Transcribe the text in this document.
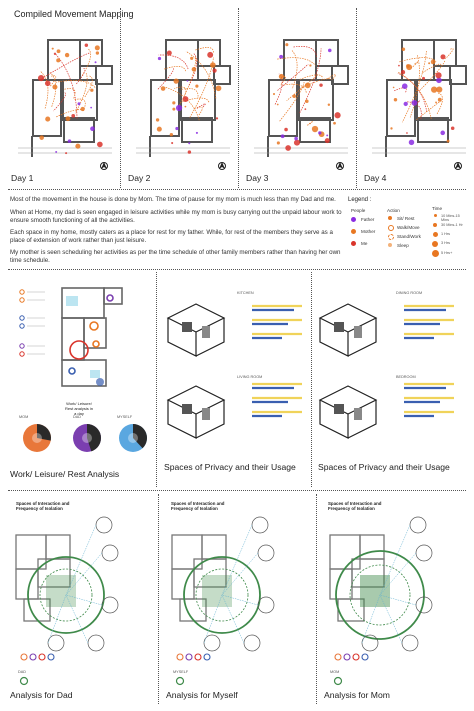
Compiled Movement Mapping
Day 1	Day 2	Day 3	Day 4
Most of the movement in the house is done by Mom. The time of pause for my mom is much less than my Dad and me.
When at Home, my dad is seen engaged in leisure activities while my mom is busy carrying out the unpaid labour work to ensure smooth functioning of all the activities.
Each space in my home, mostly caters as a place for rest for my father. While, for rest of the members they serve as a place of extension of work rather than just leisure.
My mother is seen scheduling her activities as per the time schedule of other family members rather than having her own time schedule.
Legend :
People	Action	Time
Father
Mother
Me
Sit/ Rest
Walk/Move
Stand/Work
Sleep
10 Mins-15 Mins
30 Mins-1 Hr
1 Hrs
3 Hrs
5 Hrs+
Work/ Leisure/ Rest analysis in a day
MOM	DAD	MYSELF
KITCHEN	DINING ROOM
LIVING ROOM	BEDROOM
Work/ Leisure/ Rest Analysis
Spaces of Privacy and their Usage	Spaces of Privacy and their Usage
Spaces of Interaction and Frequency of Isolation
Spaces of Interaction and Frequency of Isolation
Spaces of Interaction and Frequency of Isolation
DAD	MYSELF	MOM
Analysis for Dad	Analysis for Myself	Analysis for Mom
